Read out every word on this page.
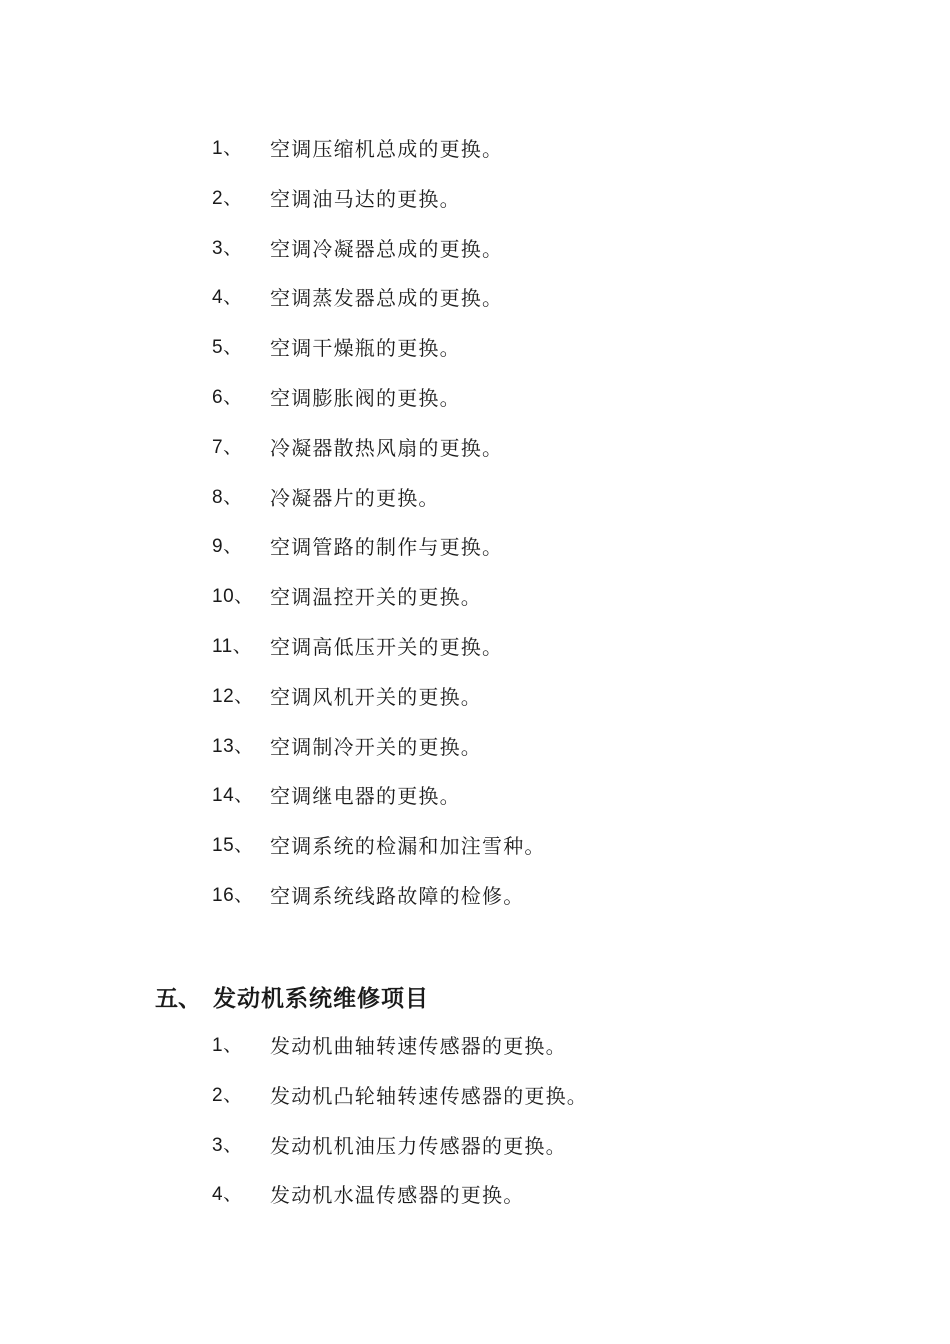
1、 空调压缩机总成的更换。
2、 空调油马达的更换。
3、 空调冷凝器总成的更换。
4、 空调蒸发器总成的更换。
5、 空调干燥瓶的更换。
6、 空调膨胀阀的更换。
7、 冷凝器散热风扇的更换。
8、 冷凝器片的更换。
9、 空调管路的制作与更换。
10、 空调温控开关的更换。
11、 空调高低压开关的更换。
12、 空调风机开关的更换。
13、 空调制冷开关的更换。
14、 空调继电器的更换。
15、 空调系统的检漏和加注雪种。
16、 空调系统线路故障的检修。
五、 发动机系统维修项目
1、 发动机曲轴转速传感器的更换。
2、 发动机凸轮轴转速传感器的更换。
3、 发动机机油压力传感器的更换。
4、 发动机水温传感器的更换。
